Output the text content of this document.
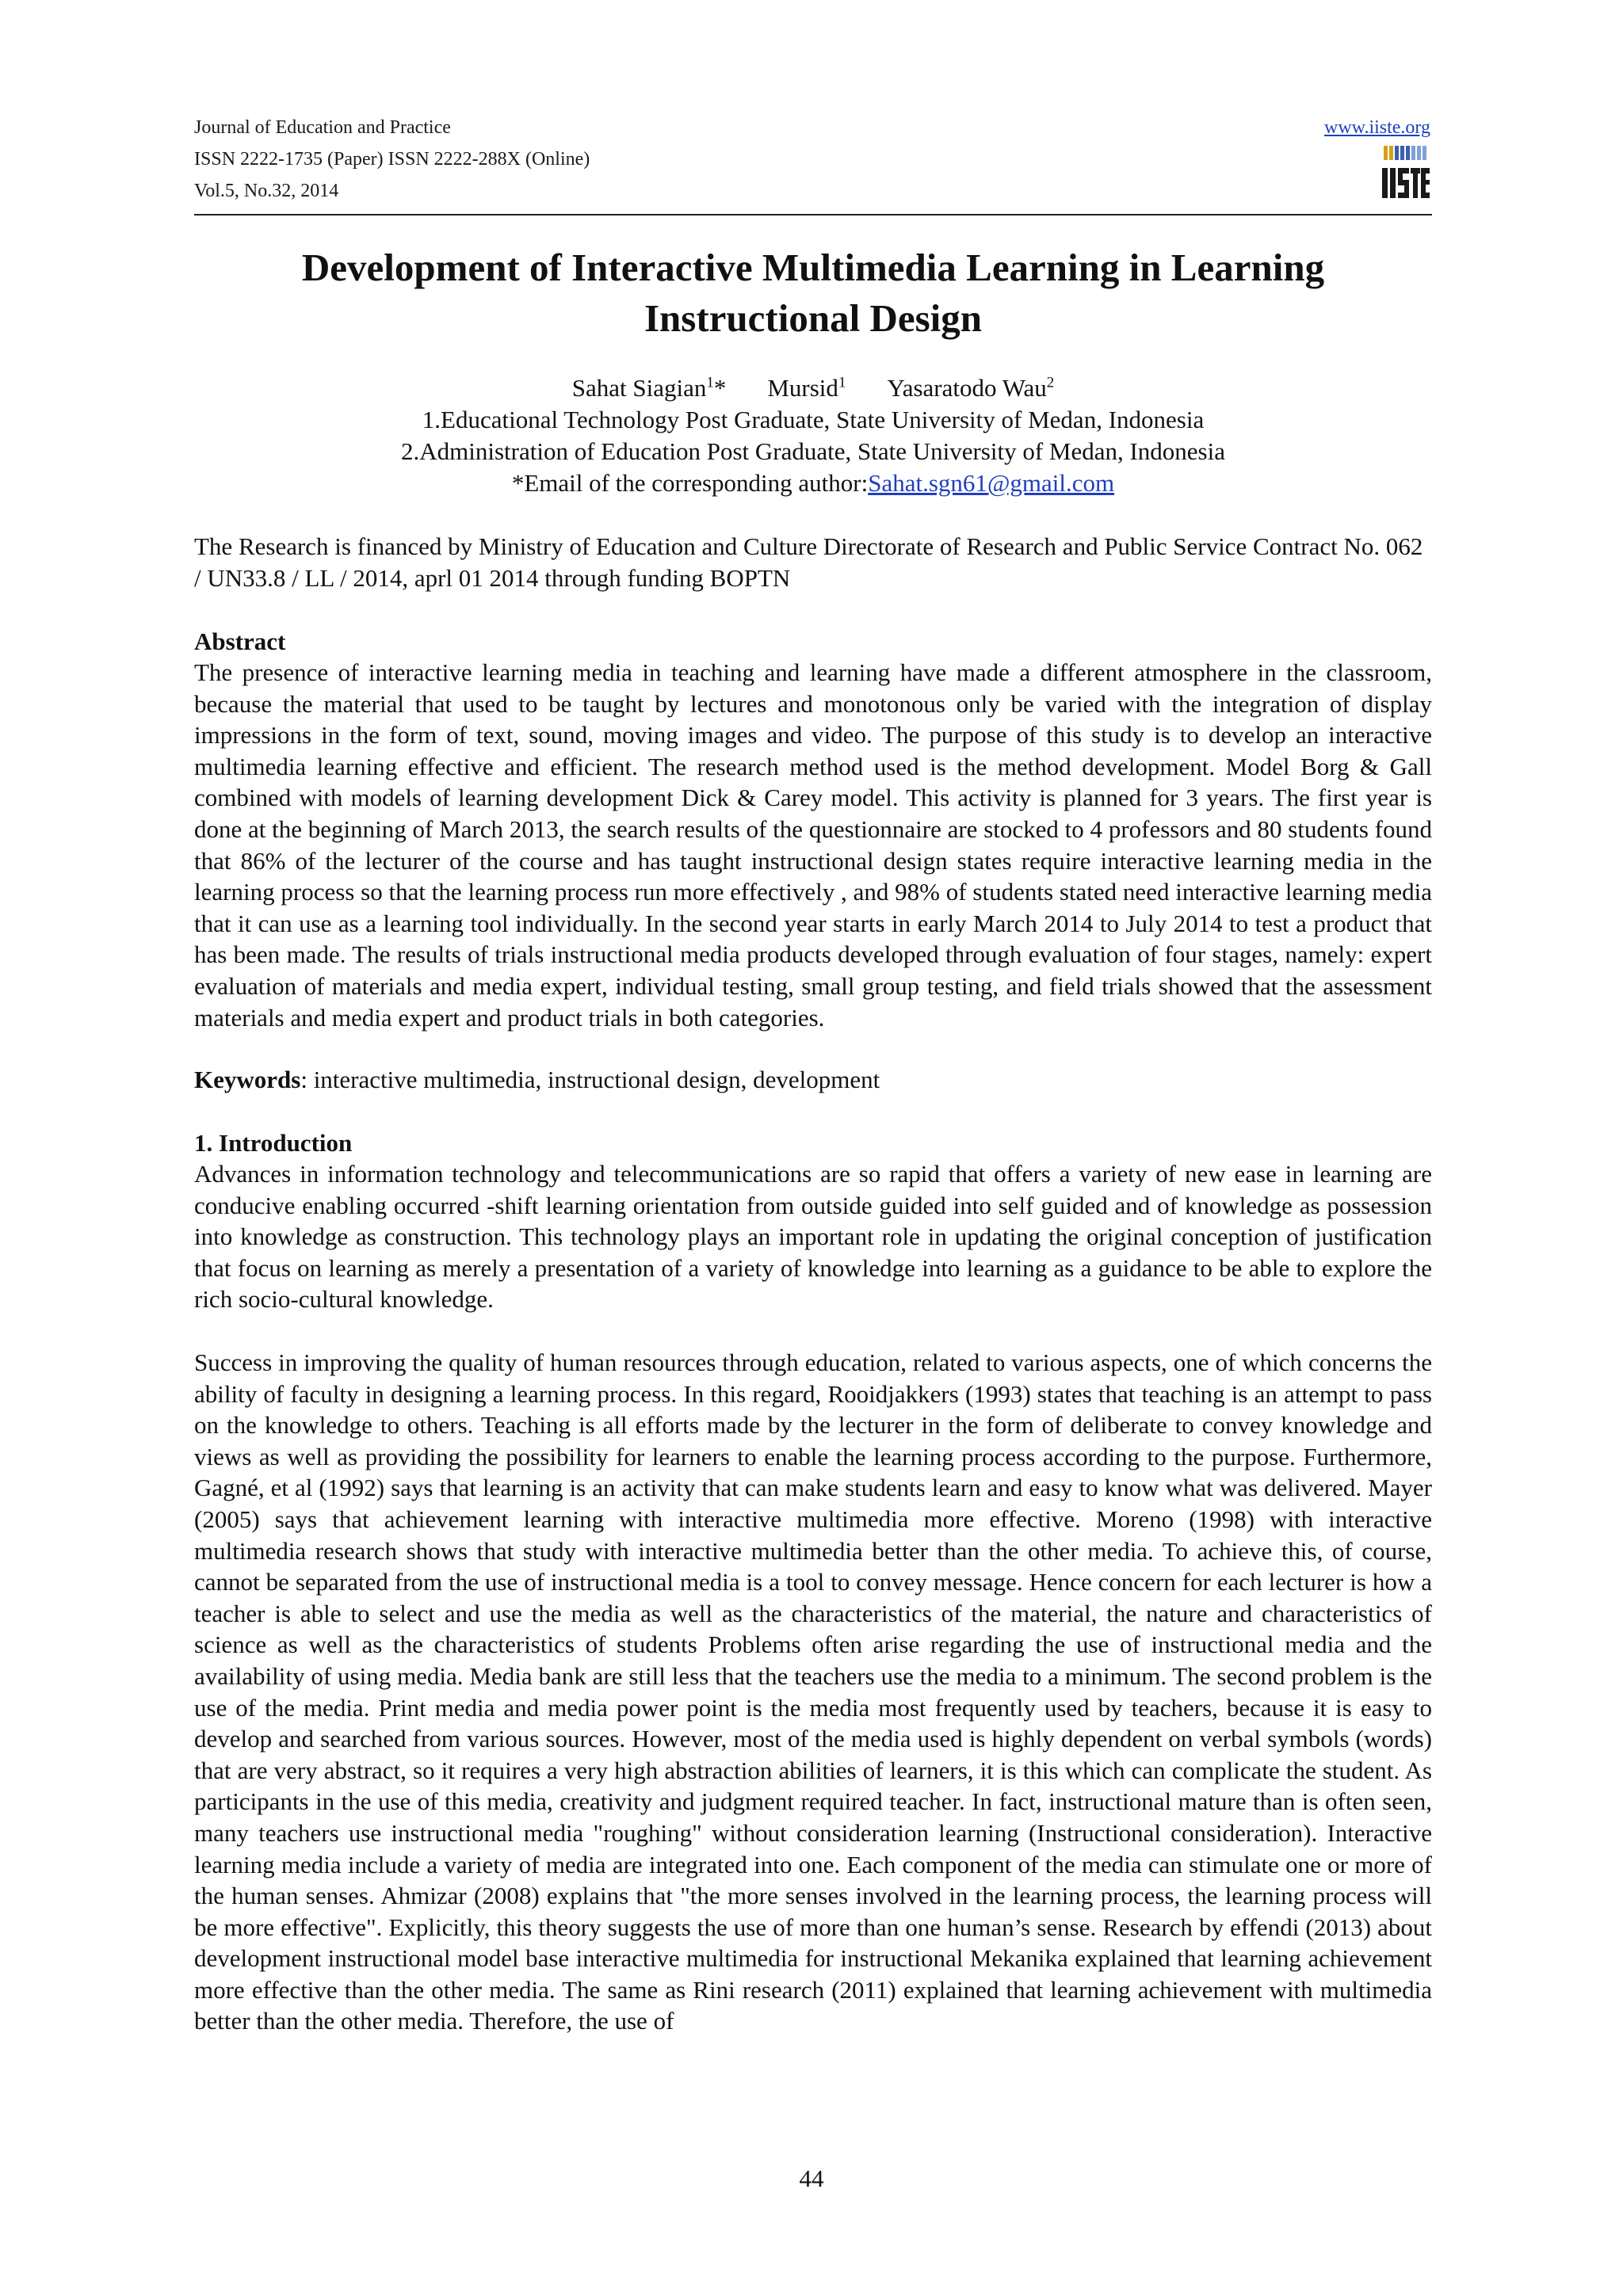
Journal of Education and Practice
ISSN 2222-1735 (Paper) ISSN 2222-288X (Online)
Vol.5, No.32, 2014
www.iiste.org
Development of Interactive Multimedia Learning in Learning
Instructional Design
Sahat Siagian$^1$* Mursid$^1$ Yasaratodo Wau$^2$
1.Educational Technology Post Graduate, State University of Medan, Indonesia
2.Administration of Education Post Graduate, State University of Medan, Indonesia
*Email of the corresponding author:Sahat.sgn61@gmail.com
The Research is financed by Ministry of Education and Culture Directorate of Research and Public Service Contract No. 062 / UN33.8 / LL / 2014, aprl 01 2014 through funding BOPTN
Abstract
The presence of interactive learning media in teaching and learning have made a different atmosphere in the classroom, because the material that used to be taught by lectures and monotonous only be varied with the integration of display impressions in the form of text, sound, moving images and video. The purpose of this study is to develop an interactive multimedia learning effective and efficient. The research method used is the method development. Model Borg & Gall combined with models of learning development Dick & Carey model. This activity is planned for 3 years. The first year is done at the beginning of March 2013, the search results of the questionnaire are stocked to 4 professors and 80 students found that 86% of the lecturer of the course and has taught instructional design states require interactive learning media in the learning process so that the learning process run more effectively , and 98% of students stated need interactive learning media that it can use as a learning tool individually. In the second year starts in early March 2014 to July 2014 to test a product that has been made. The results of trials instructional media products developed through evaluation of four stages, namely: expert evaluation of materials and media expert, individual testing, small group testing, and field trials showed that the assessment materials and media expert and product trials in both categories.
Keywords: interactive multimedia, instructional design, development
1. Introduction
Advances in information technology and telecommunications are so rapid that offers a variety of new ease in learning are conducive enabling occurred -shift learning orientation from outside guided into self guided and of knowledge as possession into knowledge as construction. This technology plays an important role in updating the original conception of justification that focus on learning as merely a presentation of a variety of knowledge into learning as a guidance to be able to explore the rich socio-cultural knowledge.
Success in improving the quality of human resources through education, related to various aspects, one of which concerns the ability of faculty in designing a learning process. In this regard, Rooidjakkers (1993) states that teaching is an attempt to pass on the knowledge to others. Teaching is all efforts made by the lecturer in the form of deliberate to convey knowledge and views as well as providing the possibility for learners to enable the learning process according to the purpose. Furthermore, Gagné, et al (1992) says that learning is an activity that can make students learn and easy to know what was delivered. Mayer (2005) says that achievement learning with interactive multimedia more effective. Moreno (1998) with interactive multimedia research shows that study with interactive multimedia better than the other media. To achieve this, of course, cannot be separated from the use of instructional media is a tool to convey message. Hence concern for each lecturer is how a teacher is able to select and use the media as well as the characteristics of the material, the nature and characteristics of science as well as the characteristics of students Problems often arise regarding the use of instructional media and the availability of using media. Media bank are still less that the teachers use the media to a minimum. The second problem is the use of the media. Print media and media power point is the media most frequently used by teachers, because it is easy to develop and searched from various sources. However, most of the media used is highly dependent on verbal symbols (words) that are very abstract, so it requires a very high abstraction abilities of learners, it is this which can complicate the student. As participants in the use of this media, creativity and judgment required teacher. In fact, instructional mature than is often seen, many teachers use instructional media "roughing" without consideration learning (Instructional consideration). Interactive learning media include a variety of media are integrated into one. Each component of the media can stimulate one or more of the human senses. Ahmizar (2008) explains that "the more senses involved in the learning process, the learning process will be more effective". Explicitly, this theory suggests the use of more than one human’s sense. Research by effendi (2013) about development instructional model base interactive multimedia for instructional Mekanika explained that learning achievement more effective than the other media. The same as Rini research (2011) explained that learning achievement with multimedia better than the other media. Therefore, the use of
44
